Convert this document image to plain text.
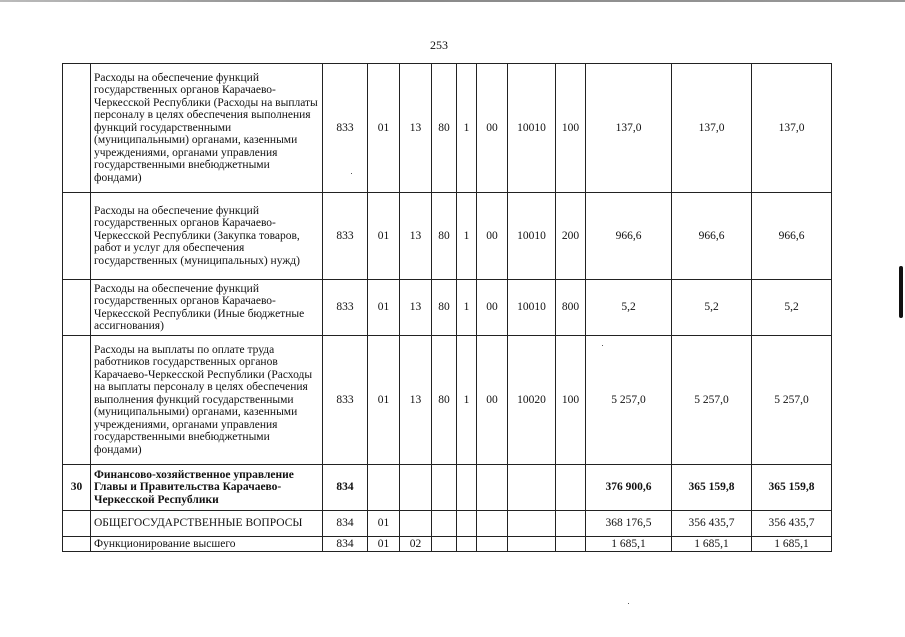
253
	Расходы на обеспечение функций государственных органов Карачаево-Черкесской Республики (Расходы на выплаты персоналу в целях обеспечения выполнения функций государственными (муниципальными) органами, казенными учреждениями, органами управления государственными внебюджетными фондами)	833	01	13	80	1	00	10010	100	137,0	137,0	137,0
	Расходы на обеспечение функций государственных органов Карачаево-Черкесской Республики (Закупка товаров, работ и услуг для обеспечения государственных (муниципальных) нужд)	833	01	13	80	1	00	10010	200	966,6	966,6	966,6
	Расходы на обеспечение функций государственных органов Карачаево-Черкесской Республики (Иные бюджетные ассигнования)	833	01	13	80	1	00	10010	800	5,2	5,2	5,2
	Расходы на выплаты по оплате труда работников государственных органов Карачаево-Черкесской Республики (Расходы на выплаты персоналу в целях обеспечения выполнения функций государственными (муниципальными) органами, казенными учреждениями, органами управления государственными внебюджетными фондами)	833	01	13	80	1	00	10020	100	5 257,0	5 257,0	5 257,0
30	Финансово-хозяйственное управление Главы и Правительства Карачаево-Черкесской Республики	834								376 900,6	365 159,8	365 159,8
	ОБЩЕГОСУДАРСТВЕННЫЕ ВОПРОСЫ	834	01							368 176,5	356 435,7	356 435,7
	Функционирование высшего	834	01	02						1 685,1	1 685,1	1 685,1
